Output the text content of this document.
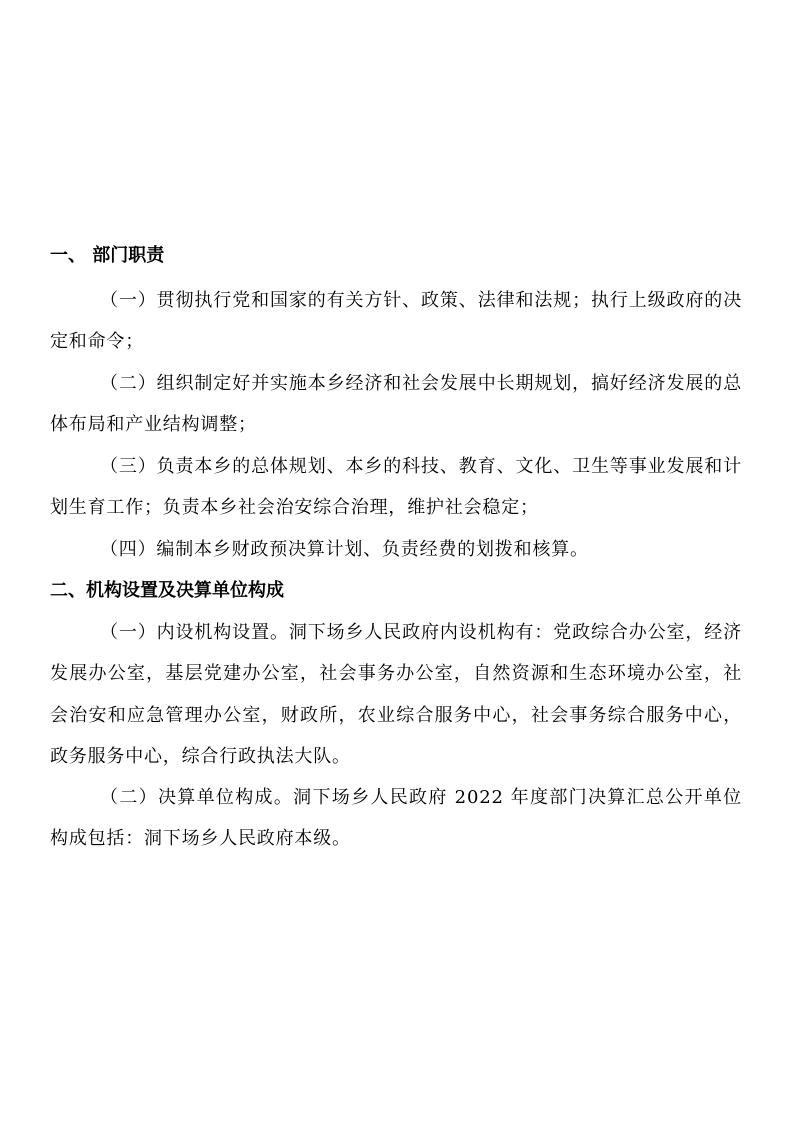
一、 部门职责

（一）贯彻执行党和国家的有关方针、政策、法律和法规；执行上级政府的决定和命令；

（二）组织制定好并实施本乡经济和社会发展中长期规划，搞好经济发展的总体布局和产业结构调整；

（三）负责本乡的总体规划、本乡的科技、教育、文化、卫生等事业发展和计划生育工作；负责本乡社会治安综合治理，维护社会稳定；

（四）编制本乡财政预决算计划、负责经费的划拨和核算。

二、机构设置及决算单位构成

（一）内设机构设置。洞下场乡人民政府内设机构有：党政综合办公室，经济发展办公室，基层党建办公室，社会事务办公室，自然资源和生态环境办公室，社会治安和应急管理办公室，财政所，农业综合服务中心，社会事务综合服务中心，政务服务中心，综合行政执法大队。

（二）决算单位构成。洞下场乡人民政府 2022 年度部门决算汇总公开单位构成包括：洞下场乡人民政府本级。
